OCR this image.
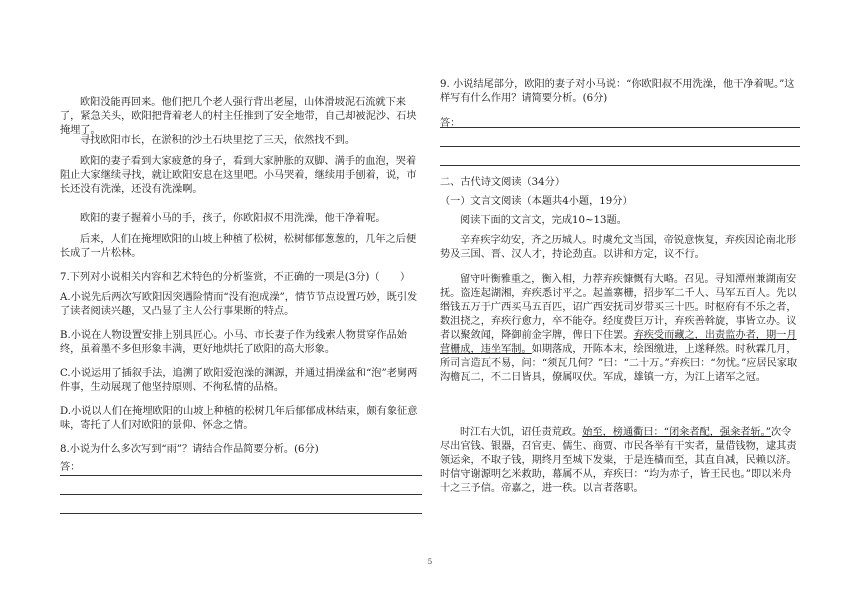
欧阳没能再回来。他们把几个老人强行背出老屋，山体滑坡泥石流就下来了，紧急关头，欧阳把背着老人的村主任推到了安全地带，自己却被泥沙、石块掩埋了。

寻找欧阳市长，在淤积的沙土石块里挖了三天，依然找不到。

欧阳的妻子看到大家疲惫的身子，看到大家肿胀的双脚、满手的血泡，哭着阻止大家继续寻找，就让欧阳安息在这里吧。小马哭着，继续用手刨着，说，市长还没有洗澡，还没有洗澡啊。

欧阳的妻子握着小马的手，孩子，你欧阳叔不用洗澡，他干净着呢。

后来，人们在掩埋欧阳的山坡上种植了松树，松树郁郁葱葱的，几年之后便长成了一片松林。

7.下列对小说相关内容和艺术特色的分析鉴赏，不正确的一项是(3分)（　　）

A.小说先后两次写欧阳因突遇险情而“没有泡成澡”，情节节点设置巧妙，既引发了读者阅读兴趣，又凸显了主人公行事果断的特点。

B.小说在人物设置安排上别具匠心。小马、市长妻子作为线索人物贯穿作品始终，虽着墨不多但形象丰满，更好地烘托了欧阳的高大形象。

C.小说运用了插叙手法，追溯了欧阳爱泡澡的渊源，并通过捐澡盆和“泡”老舅两件事，生动展现了他坚持原则、不徇私情的品格。

D.小说以人们在掩埋欧阳的山坡上种植的松树几年后郁郁成林结束，颇有象征意味，寄托了人们对欧阳的景仰、怀念之情。

8.小说为什么多次写到“雨”？请结合作品简要分析。(6分)

答：

9. 小说结尾部分，欧阳的妻子对小马说：“你欧阳叔不用洗澡，他干净着呢。”这样写有什么作用？请简要分析。(6分)

答：

二、古代诗文阅读（34分）

（一）文言文阅读（本题共4小题，19分）

阅读下面的文言文，完成10~13题。

辛弃疾字幼安，齐之历城人。时虞允文当国，帝锐意恢复，弃疾因论南北形势及三国、晋、汉人才，持论劲直。以讲和方定，议不行。

留守叶衡雅重之，衡入相，力荐弃疾慷慨有大略。召见。寻知潭州兼湖南安抚。盗连起湖湘，弃疾悉讨平之。起盖寨栅，招步军二千人、马军五百人。先以缗钱五万于广西买马五百匹，诏广西安抚司岁带买三十匹。时枢府有不乐之者，数沮挠之，弃疾行愈力，卒不能夺。经度费巨万计，弃疾善斡旋，事皆立办。议者以聚敛闻，降御前金字牌，俾日下住罢。弃疾受而藏之，出责监办者，期一月营栅成，违坐军制。如期落成，开陈本末，绘图缴进，上遂释然。时秋霖几月，所司言造瓦不易，问：“须瓦几何？”曰：“二十万。”弃疾曰：“勿忧。”应居民家取沟檐瓦二，不二日皆具，僚属叹伏。军成，雄镇一方，为江上诸军之冠。

时江右大饥，诏任责荒政。始至，榜通衢曰：“闭籴者配，强籴者斩。”次令尽出官钱、银器，召官吏、儒生、商贾、市民各举有干实者，量借钱物，逮其责领运籴，不取子钱，期终月至城下发粜，于是连樯而至，其直自减，民赖以济。时信守谢源明乞米救助，幕属不从，弃疾曰：“均为赤子，皆王民也。”即以米舟十之三予信。帝嘉之，进一秩。以言者落职。

5
